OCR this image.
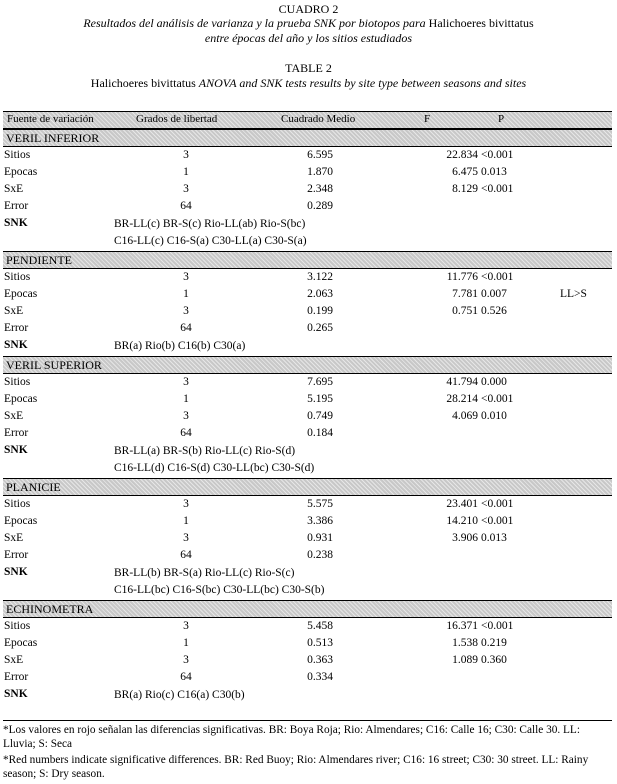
CUADRO 2
Resultados del análisis de varianza y la prueba SNK por biotopos para Halichoeres bivittatus
entre épocas del año y los sitios estudiados
TABLE 2
Halichoeres bivittatus ANOVA and SNK tests results by site type between seasons and sites
Fuente de variación	Grados de libertad	Cuadrado Medio	F	P
VERIL INFERIOR
Sitios	3	6.595	22.834 <0.001
Epocas	1	1.870	6.475 0.013
SxE	3	2.348	8.129 <0.001
Error	64	0.289
SNK	BR-LL(c) BR-S(c) Rio-LL(ab) Rio-S(bc)
C16-LL(c) C16-S(a) C30-LL(a) C30-S(a)
PENDIENTE
Sitios	3	3.122	11.776 <0.001
Epocas	1	2.063	7.781 0.007	LL>S
SxE	3	0.199	0.751 0.526
Error	64	0.265
SNK	BR(a) Rio(b) C16(b) C30(a)
VERIL SUPERIOR
Sitios	3	7.695	41.794 0.000
Epocas	1	5.195	28.214 <0.001
SxE	3	0.749	4.069 0.010
Error	64	0.184
SNK	BR-LL(a) BR-S(b) Rio-LL(c) Rio-S(d)
C16-LL(d) C16-S(d) C30-LL(bc) C30-S(d)
PLANICIE
Sitios	3	5.575	23.401 <0.001
Epocas	1	3.386	14.210 <0.001
SxE	3	0.931	3.906 0.013
Error	64	0.238
SNK	BR-LL(b) BR-S(a) Rio-LL(c) Rio-S(c)
C16-LL(bc) C16-S(bc) C30-LL(bc) C30-S(b)
ECHINOMETRA
Sitios	3	5.458	16.371 <0.001
Epocas	1	0.513	1.538 0.219
SxE	3	0.363	1.089 0.360
Error	64	0.334
SNK	BR(a) Rio(c) C16(a) C30(b)

*Los valores en rojo señalan las diferencias significativas. BR: Boya Roja; Rio: Almendares; C16: Calle 16; C30: Calle 30. LL: Lluvia; S: Seca

*Red numbers indicate significative differences. BR: Red Buoy; Rio: Almendares river; C16: 16 street; C30: 30 street. LL: Rainy season; S: Dry season.
